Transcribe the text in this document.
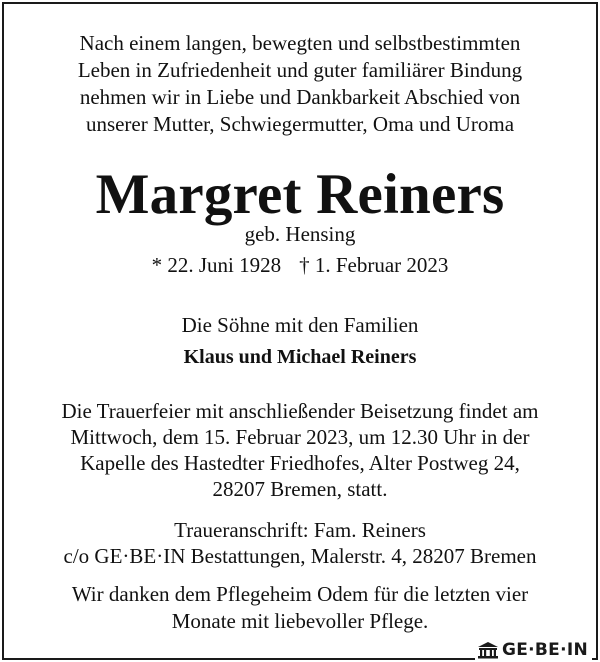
Nach einem langen, bewegten und selbstbestimmten
Leben in Zufriedenheit und guter familiärer Bindung
nehmen wir in Liebe und Dankbarkeit Abschied von
unserer Mutter, Schwiegermutter, Oma und Uroma
Margret Reiners
geb. Hensing
* 22. Juni 1928 † 1. Februar 2023
Die Söhne mit den Familien
Klaus und Michael Reiners
Die Trauerfeier mit anschließender Beisetzung findet am
Mittwoch, dem 15. Februar 2023, um 12.30 Uhr in der
Kapelle des Hastedter Friedhofes, Alter Postweg 24,
28207 Bremen, statt.
Traueranschrift: Fam. Reiners
c/o GE·BE·IN Bestattungen, Malerstr. 4, 28207 Bremen
Wir danken dem Pflegeheim Odem für die letzten vier
Monate mit liebevoller Pflege.
GE·BE·IN
